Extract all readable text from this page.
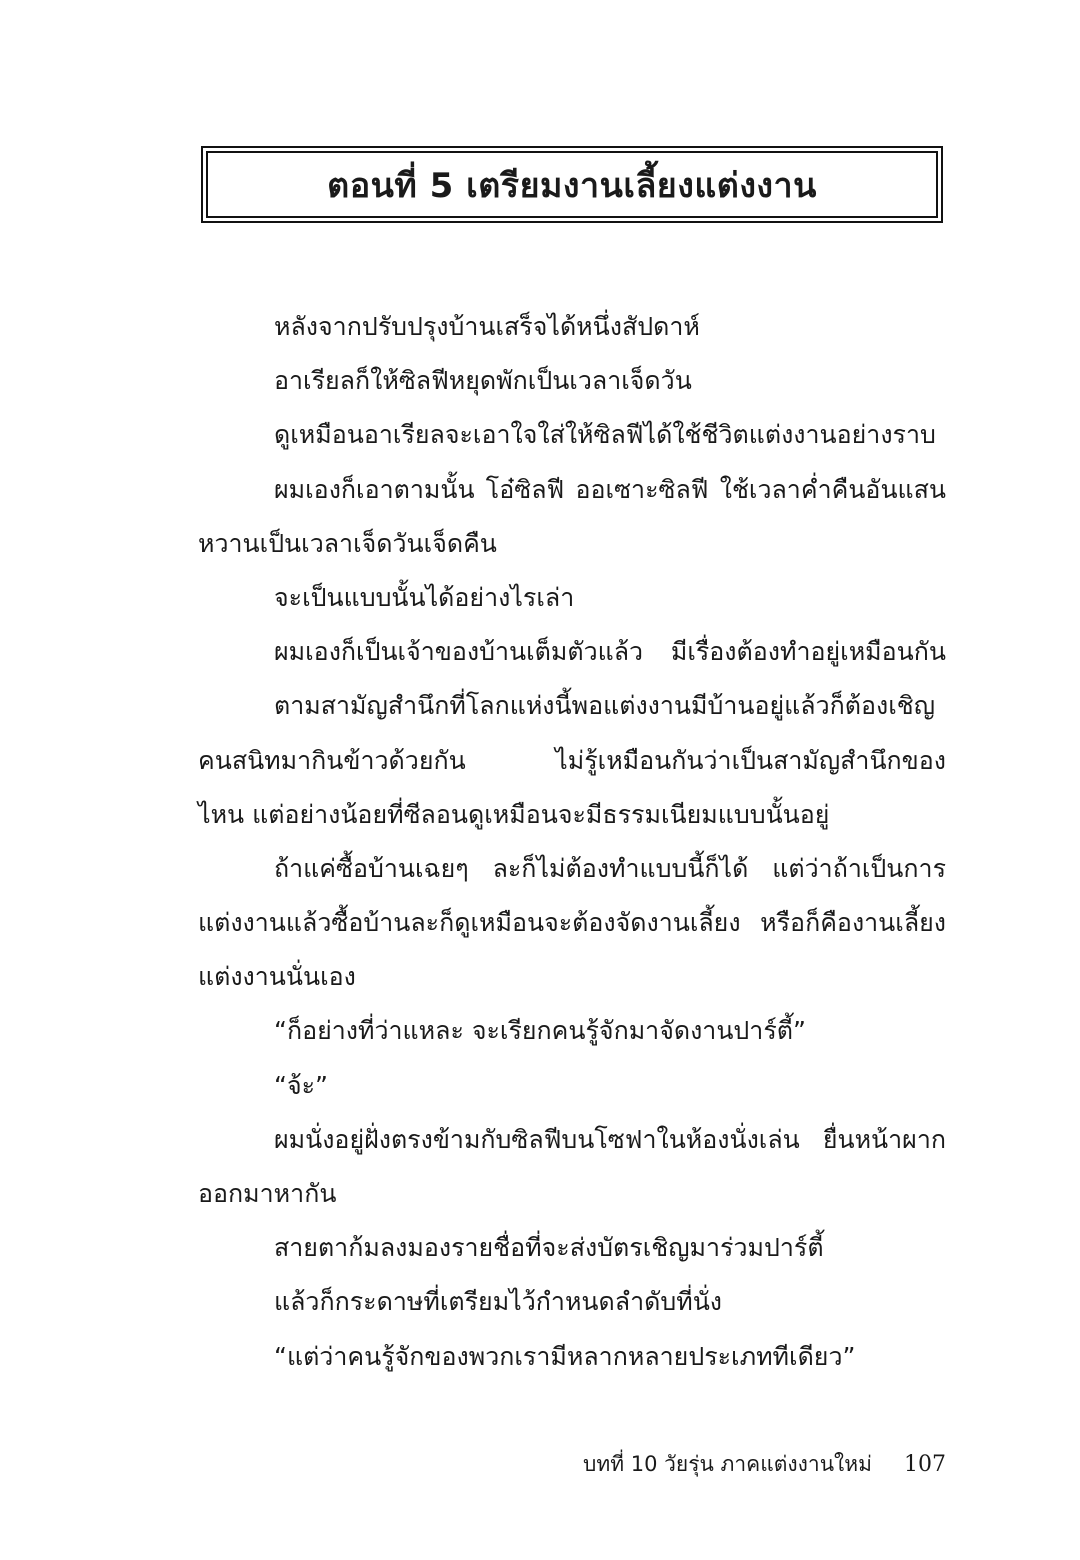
ตอนที่ 5 เตรียมงานเลี้ยงแต่งงาน
หลังจากปรับปรุงบ้านเสร็จได้หนึ่งสัปดาห์
อาเรียลก็ให้ซิลฟีหยุดพักเป็นเวลาเจ็ดวัน
ดูเหมือนอาเรียลจะเอาใจใส่ให้ซิลฟีได้ใช้ชีวิตแต่งงานอย่างราบ
ผมเองก็เอาตามนั้น โอ๋ซิลฟี ออเซาะซิลฟี ใช้เวลาค่ำคืนอันแสน
หวานเป็นเวลาเจ็ดวันเจ็ดคืน
จะเป็นแบบนั้นได้อย่างไรเล่า
ผมเองก็เป็นเจ้าของบ้านเต็มตัวแล้ว มีเรื่องต้องทำอยู่เหมือนกัน
ตามสามัญสำนึกที่โลกแห่งนี้พอแต่งงานมีบ้านอยู่แล้วก็ต้องเชิญ
คนสนิทมากินข้าวด้วยกัน ไม่รู้เหมือนกันว่าเป็นสามัญสำนึกของ
ไหน แต่อย่างน้อยที่ซีลอนดูเหมือนจะมีธรรมเนียมแบบนั้นอยู่
ถ้าแค่ซื้อบ้านเฉยๆ ละก็ไม่ต้องทำแบบนี้ก็ได้ แต่ว่าถ้าเป็นการ
แต่งงานแล้วซื้อบ้านละก็ดูเหมือนจะต้องจัดงานเลี้ยง หรือก็คืองานเลี้ยง
แต่งงานนั่นเอง
“ก็อย่างที่ว่าแหละ จะเรียกคนรู้จักมาจัดงานปาร์ตี้”
“จ้ะ”
ผมนั่งอยู่ฝั่งตรงข้ามกับซิลฟีบนโซฟาในห้องนั่งเล่น ยื่นหน้าผาก
ออกมาหากัน
สายตาก้มลงมองรายชื่อที่จะส่งบัตรเชิญมาร่วมปาร์ตี้
แล้วก็กระดาษที่เตรียมไว้กำหนดลำดับที่นั่ง
“แต่ว่าคนรู้จักของพวกเรามีหลากหลายประเภททีเดียว”
บทที่ 10 วัยรุ่น ภาคแต่งงานใหม่ 107
